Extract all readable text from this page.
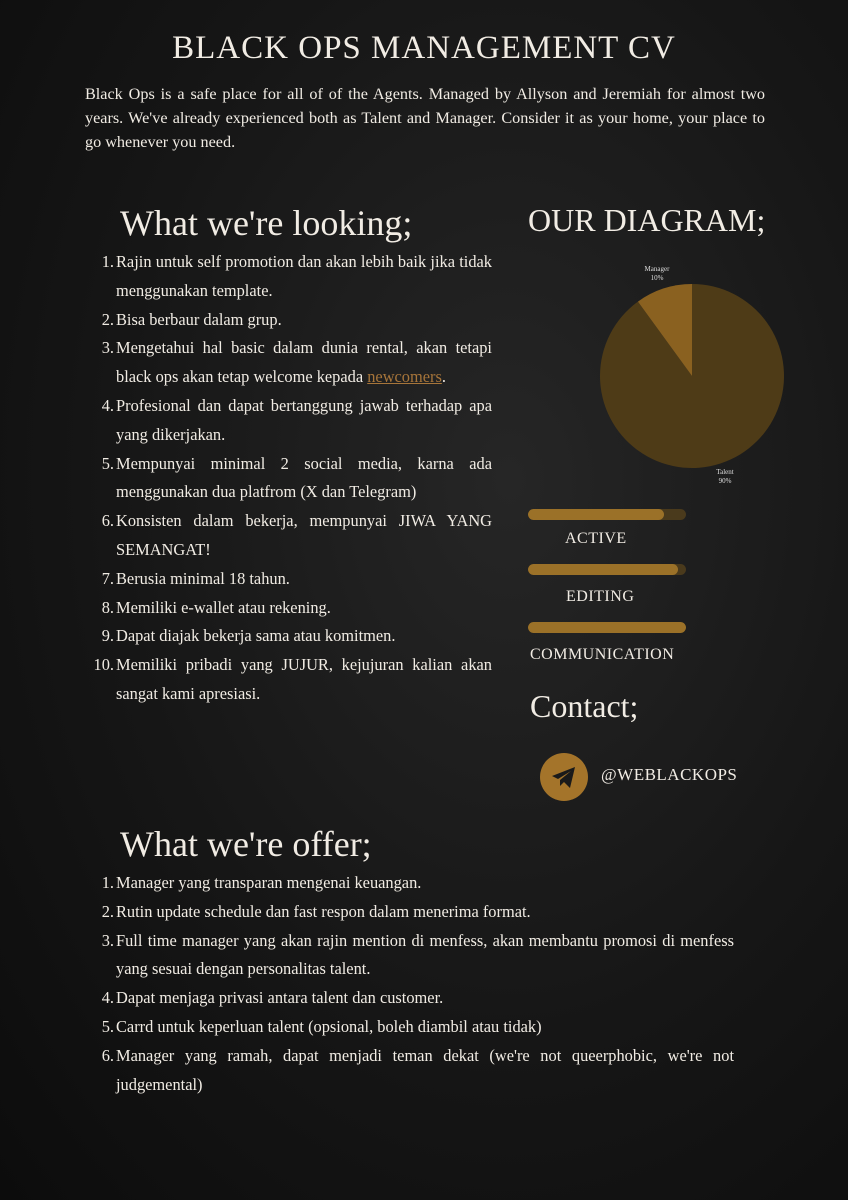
BLACK OPS MANAGEMENT CV
Black Ops is a safe place for all of of the Agents. Managed by Allyson and Jeremiah for almost two years. We've already experienced both as Talent and Manager. Consider it as your home, your place to go whenever you need.
What we're looking;
1. Rajin untuk self promotion dan akan lebih baik jika tidak menggunakan template.
2. Bisa berbaur dalam grup.
3. Mengetahui hal basic dalam dunia rental, akan tetapi black ops akan tetap welcome kepada newcomers.
4. Profesional dan dapat bertanggung jawab terhadap apa yang dikerjakan.
5. Mempunyai minimal 2 social media, karna ada menggunakan dua platfrom (X dan Telegram)
6. Konsisten dalam bekerja, mempunyai JIWA YANG SEMANGAT!
7. Berusia minimal 18 tahun.
8. Memiliki e-wallet atau rekening.
9. Dapat diajak bekerja sama atau komitmen.
10. Memiliki pribadi yang JUJUR, kejujuran kalian akan sangat kami apresiasi.
OUR DIAGRAM;
Manager
10%
Talent
90%
ACTIVE
EDITING
COMMUNICATION
Contact;
@WEBLACKOPS
What we're offer;
1. Manager yang transparan mengenai keuangan.
2. Rutin update schedule dan fast respon dalam menerima format.
3. Full time manager yang akan rajin mention di menfess, akan membantu promosi di menfess yang sesuai dengan personalitas talent.
4. Dapat menjaga privasi antara talent dan customer.
5. Carrd untuk keperluan talent (opsional, boleh diambil atau tidak)
6. Manager yang ramah, dapat menjadi teman dekat (we're not queerphobic, we're not judgemental)
